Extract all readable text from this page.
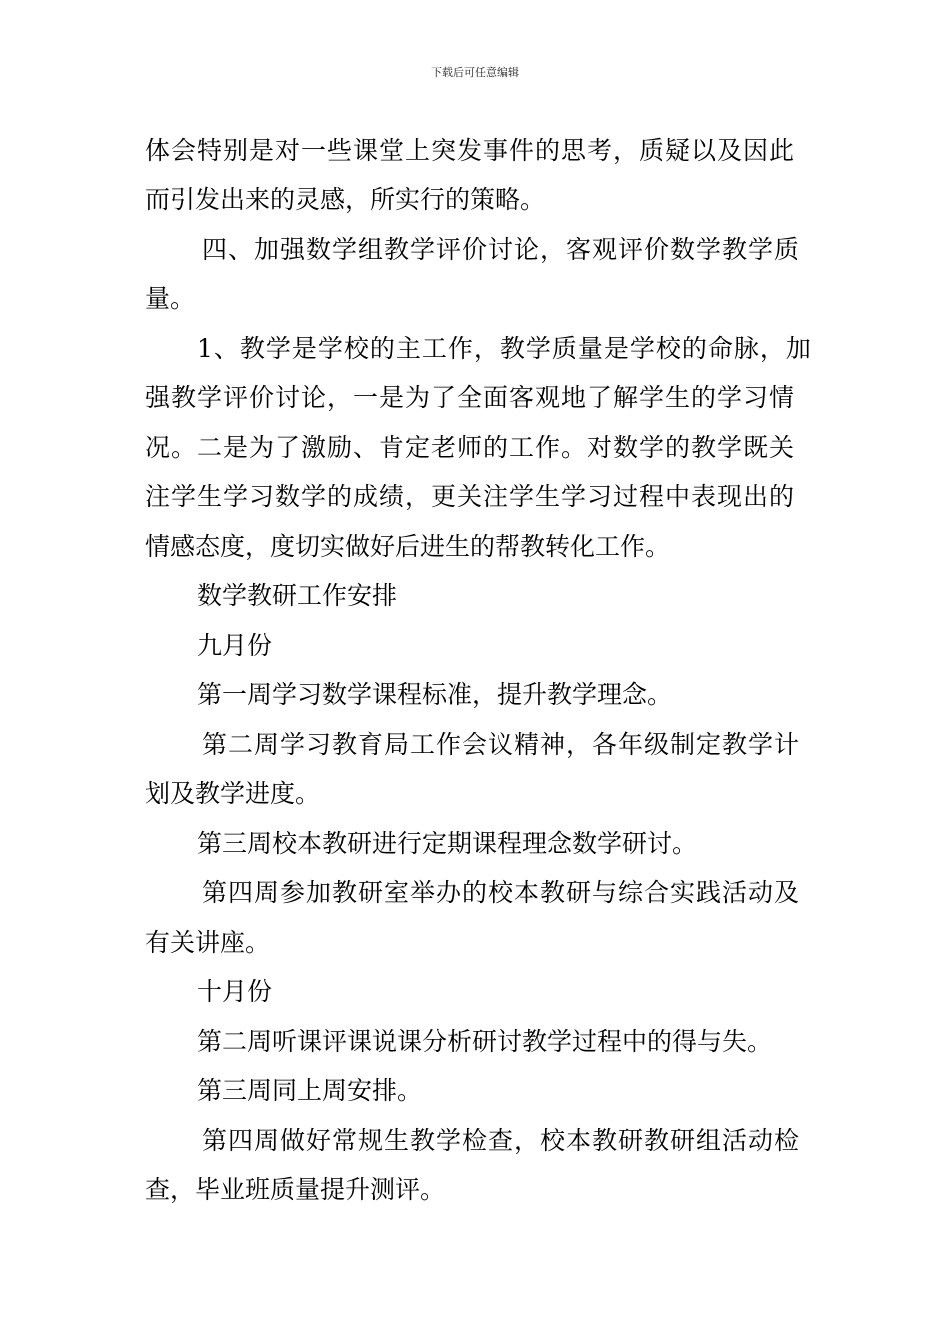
下载后可任意编辑
体会特别是对一些课堂上突发事件的思考，质疑以及因此
而引发出来的灵感，所实行的策略。
四、加强数学组教学评价讨论，客观评价数学教学质
量。
1、教学是学校的主工作，教学质量是学校的命脉，加
强教学评价讨论，一是为了全面客观地了解学生的学习情
况。二是为了激励、肯定老师的工作。对数学的教学既关
注学生学习数学的成绩，更关注学生学习过程中表现出的
情感态度，度切实做好后进生的帮教转化工作。
数学教研工作安排
九月份
第一周学习数学课程标准，提升教学理念。
第二周学习教育局工作会议精神，各年级制定教学计
划及教学进度。
第三周校本教研进行定期课程理念数学研讨。
第四周参加教研室举办的校本教研与综合实践活动及
有关讲座。
十月份
第二周听课评课说课分析研讨教学过程中的得与失。
第三周同上周安排。
第四周做好常规生教学检查，校本教研教研组活动检
查，毕业班质量提升测评。
